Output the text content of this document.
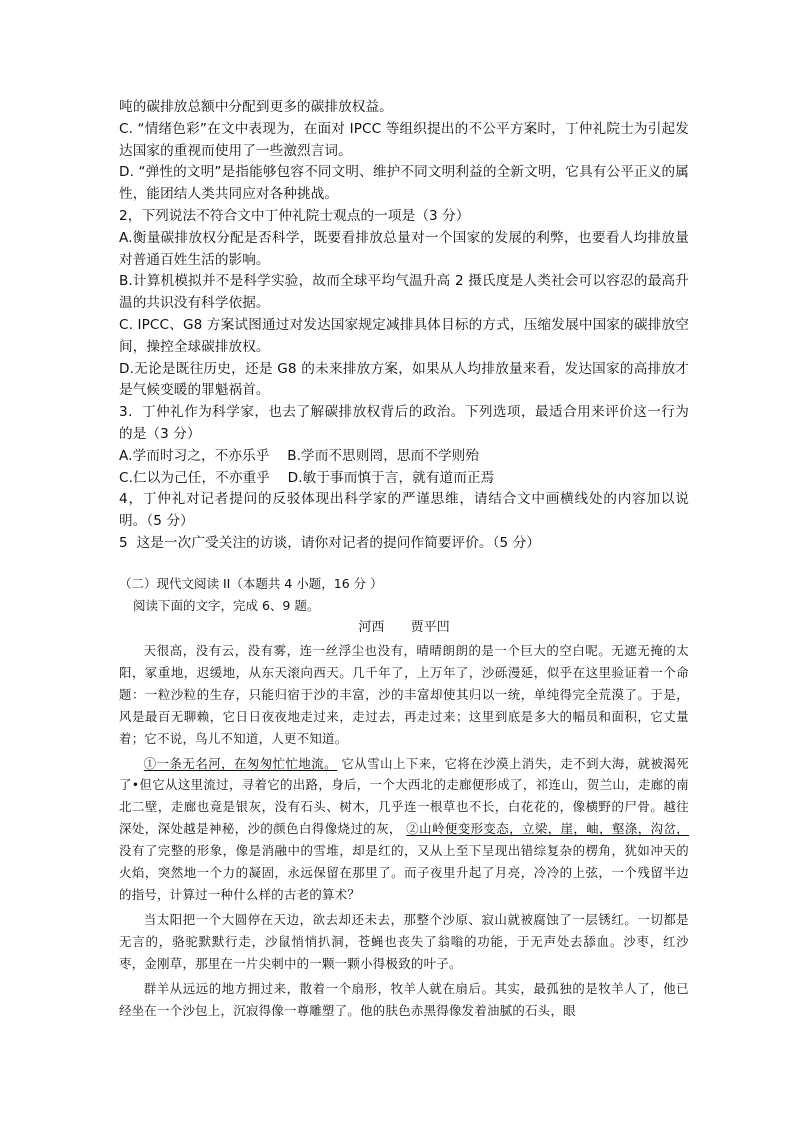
吨的碳排放总额中分配到更多的碳排放权益。

C. “情绪色彩”在文中表现为，在面对 IPCC 等组织提出的不公平方案时，丁仲礼院士为引起发达国家的重视而使用了一些激烈言词。

D. “弹性的文明”是指能够包容不同文明、维护不同文明利益的全新文明，它具有公平正义的属性，能团结人类共同应对各种挑战。

2，下列说法不符合文中丁仲礼院士观点的一项是（3 分）

A.衡量碳排放权分配是否科学，既要看排放总量对一个国家的发展的利弊，也要看人均排放量对普通百姓生活的影响。

B.计算机模拟并不是科学实验，故而全球平均气温升高 2 摄氏度是人类社会可以容忍的最高升温的共识没有科学依据。

C. IPCC、G8 方案试图通过对发达国家规定减排具体目标的方式，压缩发展中国家的碳排放空间，操控全球碳排放权。

D.无论是既往历史，还是 G8 的未来排放方案，如果从人均排放量来看，发达国家的高排放才是气候变暖的罪魁祸首。

3．丁仲礼作为科学家，也去了解碳排放权背后的政治。下列选项，最适合用来评价这一行为的是（3 分）

A.学而时习之，不亦乐乎    B.学而不思则罔，思而不学则殆

C.仁以为己任，不亦重乎    D.敏于事而慎于言，就有道而正焉

4，丁仲礼对记者提问的反驳体现出科学家的严谨思维，请结合文中画横线处的内容加以说明。（5 分）

5  这是一次广受关注的访谈，请你对记者的提问作简要评价。（5 分）

（二）现代文阅读 II（本题共 4 小题，16 分 ）

阅读下面的文字，完成 6、9 题。

河西 贾平凹

天很高，没有云，没有雾，连一丝浮尘也没有，晴晴朗朗的是一个巨大的空白呢。无遮无掩的太阳，冢重地，迟缓地，从东天滚向西天。几千年了，上万年了，沙砾漫延，似乎在这里验证着一个命题：一粒沙粒的生存，只能归宿于沙的丰富，沙的丰富却使其归以一统，单纯得完全荒漠了。于是，风是最百无聊赖，它日日夜夜地走过来，走过去，再走过来；这里到底是多大的幅员和面积，它丈量着；它不说，鸟儿不知道，人更不知道。

①一条无名河，在匆匆忙忙地流。 它从雪山上下来，它将在沙漠上消失，走不到大海，就被渴死了•但它从这里流过，寻着它的出路，身后，一个大西北的走廊便形成了，祁连山，贺兰山，走廊的南北二壁，走廊也竟是银灰，没有石头、树木，几乎连一根草也不长，白花花的，像横野的尸骨。越往深处，深处越是神秘，沙的颜色白得像烧过的灰， ②山岭便变形变态，立梁，崖，岫，壑涤，沟岔， 没有了完整的形象，像是消融中的雪堆，却是红的，又从上至下呈现出错综复杂的楞角，犹如冲天的火焰，突然地一个力的凝固，永远保留在那里了。而子夜里升起了月亮，冷冷的上弦，一个残留半边的指号，计算过一种什么样的古老的算术？

当太阳把一个大圆停在天边，欲去却还未去，那整个沙原、寂山就被腐蚀了一层锈红。一切都是无言的，骆驼默默行走，沙鼠悄悄扒洞，苍蝇也丧失了翁嗡的功能，于无声处去舔血。沙枣，红沙枣，金刚草，那里在一片尖刺中的一颗一颗小得极致的叶子。

群羊从远远的地方拥过来，散着一个扇形，牧羊人就在扇后。其实，最孤独的是牧羊人了，他已经坐在一个沙包上，沉寂得像一尊雕塑了。他的肤色赤黑得像发着油腻的石头，眼
